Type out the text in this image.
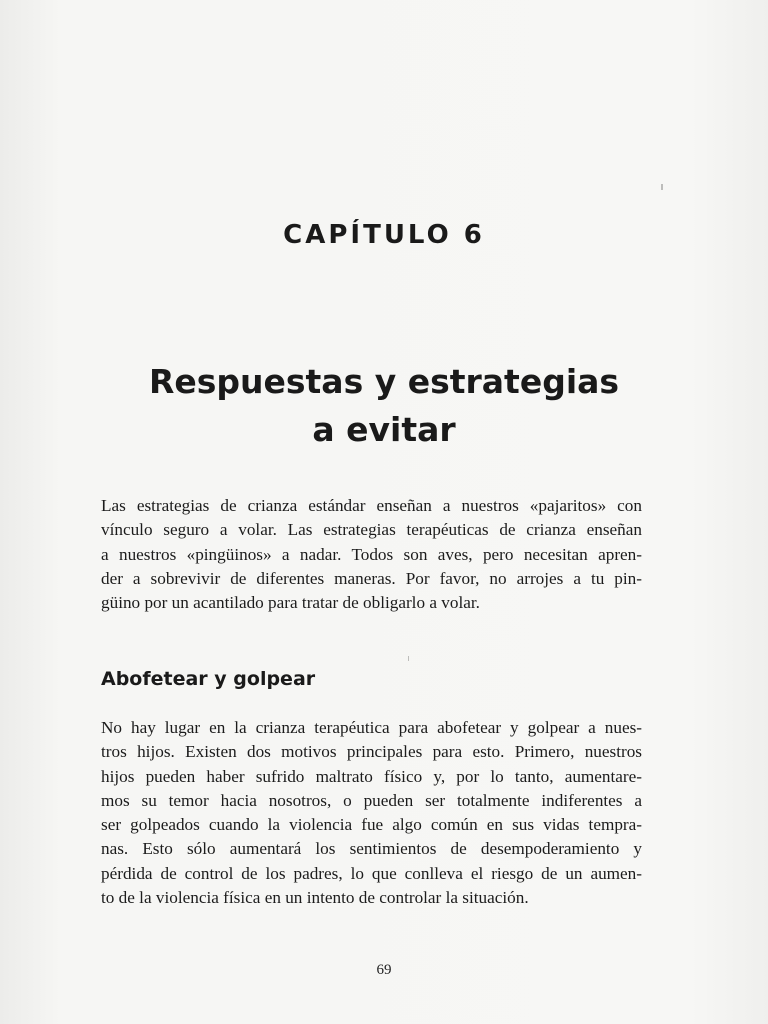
CAPÍTULO 6
Respuestas y estrategias
a evitar

Las estrategias de crianza estándar enseñan a nuestros «pajaritos» con
vínculo seguro a volar. Las estrategias terapéuticas de crianza enseñan
a nuestros «pingüinos» a nadar. Todos son aves, pero necesitan apren-
der a sobrevivir de diferentes maneras. Por favor, no arrojes a tu pin-
güino por un acantilado para tratar de obligarlo a volar.

Abofetear y golpear

No hay lugar en la crianza terapéutica para abofetear y golpear a nues-
tros hijos. Existen dos motivos principales para esto. Primero, nuestros
hijos pueden haber sufrido maltrato físico y, por lo tanto, aumentare-
mos su temor hacia nosotros, o pueden ser totalmente indiferentes a
ser golpeados cuando la violencia fue algo común en sus vidas tempra-
nas. Esto sólo aumentará los sentimientos de desempoderamiento y
pérdida de control de los padres, lo que conlleva el riesgo de un aumen-
to de la violencia física en un intento de controlar la situación.

69
